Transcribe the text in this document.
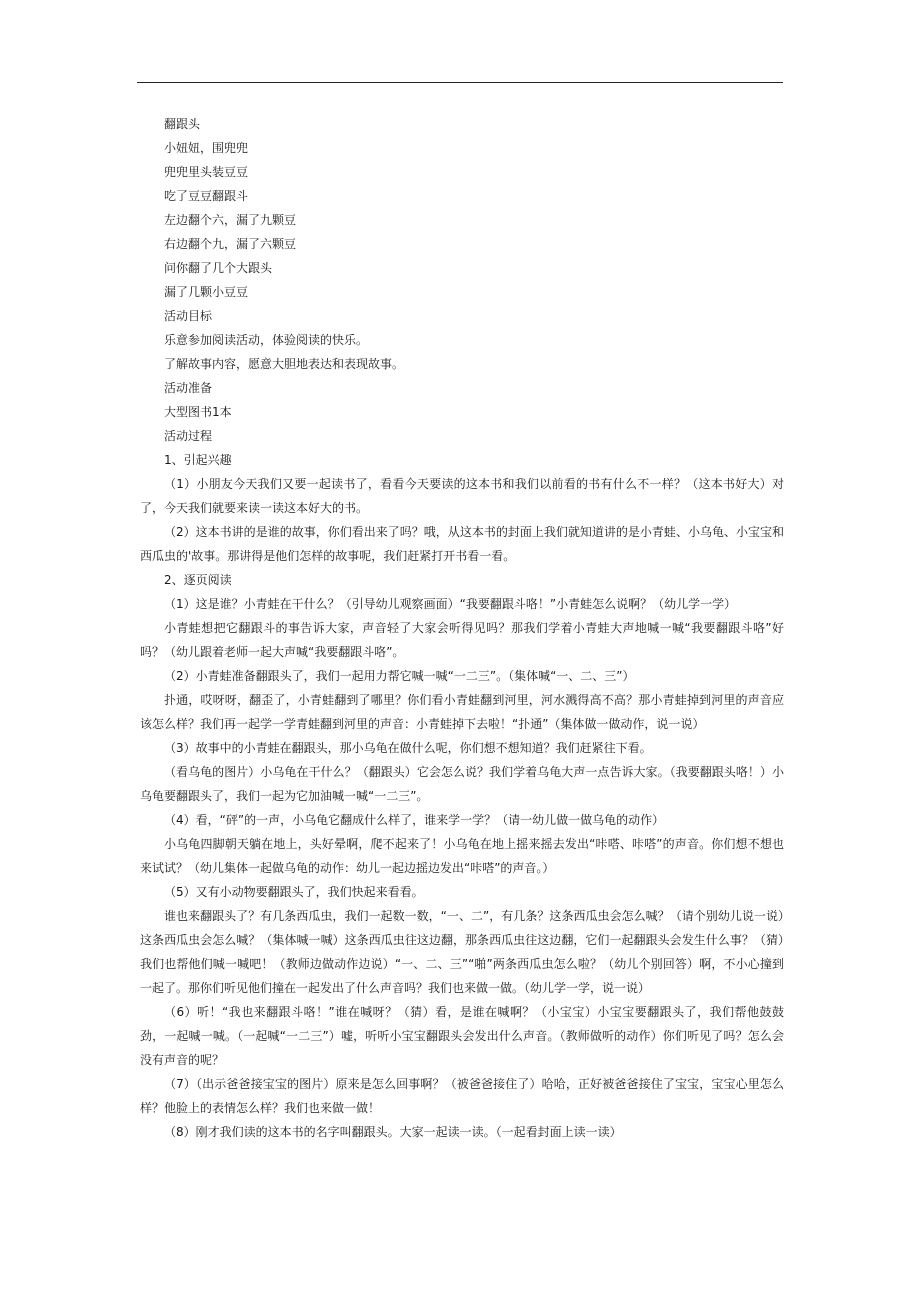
翻跟头

小妞妞，围兜兜

兜兜里头装豆豆

吃了豆豆翻跟斗

左边翻个六，漏了九颗豆

右边翻个九，漏了六颗豆

问你翻了几个大跟头

漏了几颗小豆豆

活动目标

乐意参加阅读活动，体验阅读的快乐。

了解故事内容，愿意大胆地表达和表现故事。

活动准备

大型图书1本

活动过程

1、引起兴趣

（1）小朋友今天我们又要一起读书了，看看今天要读的这本书和我们以前看的书有什么不一样？（这本书好大）对了，今天我们就要来读一读这本好大的书。

（2）这本书讲的是谁的故事，你们看出来了吗？哦，从这本书的封面上我们就知道讲的是小青蛙、小乌龟、小宝宝和西瓜虫的'故事。那讲得是他们怎样的故事呢，我们赶紧打开书看一看。

2、逐页阅读

（1）这是谁？小青蛙在干什么？（引导幼儿观察画面）“我要翻跟斗咯！”小青蛙怎么说啊？（幼儿学一学）

小青蛙想把它翻跟斗的事告诉大家，声音轻了大家会听得见吗？那我们学着小青蛙大声地喊一喊“我要翻跟斗咯”好吗？（幼儿跟着老师一起大声喊“我要翻跟斗咯”。

（2）小青蛙准备翻跟头了，我们一起用力帮它喊一喊“一二三”。（集体喊“一、二、三”）

扑通，哎呀呀，翻歪了，小青蛙翻到了哪里？你们看小青蛙翻到河里，河水溅得高不高？那小青蛙掉到河里的声音应该怎么样？我们再一起学一学青蛙翻到河里的声音：小青蛙掉下去啦！“扑通”（集体做一做动作，说一说）

（3）故事中的小青蛙在翻跟头，那小乌龟在做什么呢，你们想不想知道？我们赶紧往下看。

（看乌龟的图片）小乌龟在干什么？（翻跟头）它会怎么说？我们学着乌龟大声一点告诉大家。（我要翻跟头咯！）小乌龟要翻跟头了，我们一起为它加油喊一喊“一二三”。

（4）看，“砰”的一声，小乌龟它翻成什么样了，谁来学一学？（请一幼儿做一做乌龟的动作）

小乌龟四脚朝天躺在地上，头好晕啊，爬不起来了！小乌龟在地上摇来摇去发出“咔嗒、咔嗒”的声音。你们想不想也来试试？（幼儿集体一起做乌龟的动作：幼儿一起边摇边发出“咔嗒”的声音。）

（5）又有小动物要翻跟头了，我们快起来看看。

谁也来翻跟头了？有几条西瓜虫，我们一起数一数，“一、二”，有几条？这条西瓜虫会怎么喊？（请个别幼儿说一说）这条西瓜虫会怎么喊？（集体喊一喊）这条西瓜虫往这边翻，那条西瓜虫往这边翻，它们一起翻跟头会发生什么事？（猜）我们也帮他们喊一喊吧！（教师边做动作边说）“一、二、三”“啪”两条西瓜虫怎么啦？（幼儿个别回答）啊，不小心撞到一起了。那你们听见他们撞在一起发出了什么声音吗？我们也来做一做。（幼儿学一学，说一说）

（6）听！“我也来翻跟斗咯！”谁在喊呀？（猜）看，是谁在喊啊？（小宝宝）小宝宝要翻跟头了，我们帮他鼓鼓劲，一起喊一喊。（一起喊“一二三”）嘘，听听小宝宝翻跟头会发出什么声音。（教师做听的动作）你们听见了吗？怎么会没有声音的呢？

（7）（出示爸爸接宝宝的图片）原来是怎么回事啊？（被爸爸接住了）哈哈，正好被爸爸接住了宝宝，宝宝心里怎么样？他脸上的表情怎么样？我们也来做一做！

（8）刚才我们读的这本书的名字叫翻跟头。大家一起读一读。（一起看封面上读一读）
